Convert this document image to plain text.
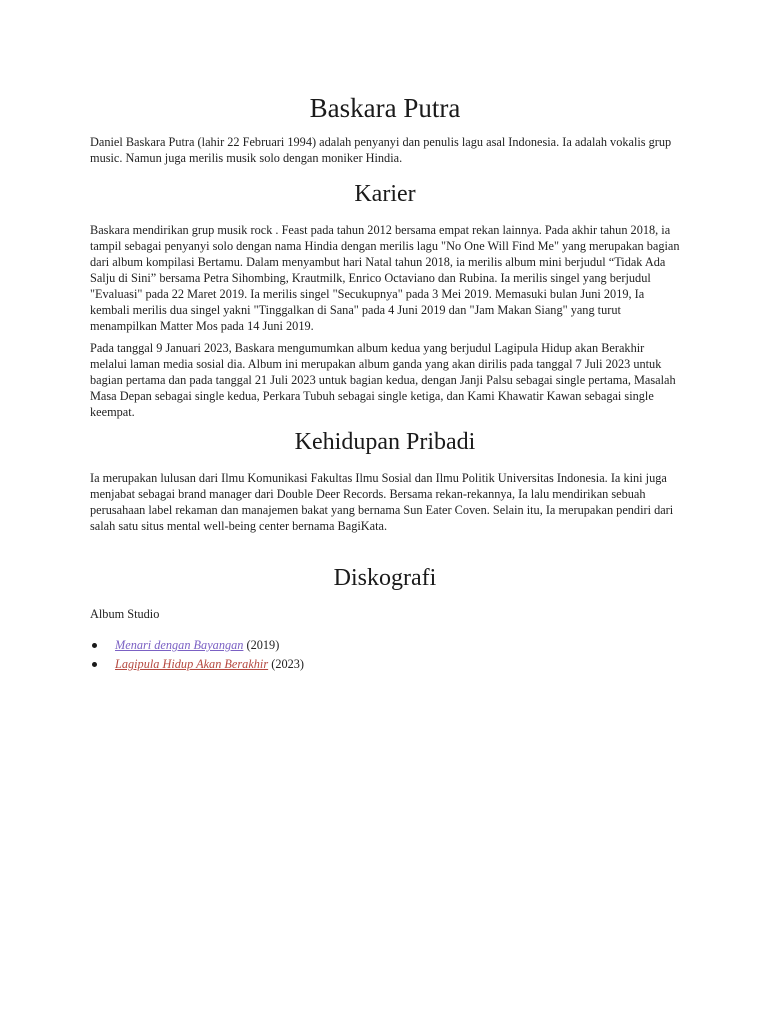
Baskara Putra

Daniel Baskara Putra (lahir 22 Februari 1994) adalah penyanyi dan penulis lagu asal Indonesia. Ia adalah vokalis grup music. Namun juga merilis musik solo dengan moniker Hindia.

Karier

Baskara mendirikan grup musik rock . Feast pada tahun 2012 bersama empat rekan lainnya. Pada akhir tahun 2018, ia tampil sebagai penyanyi solo dengan nama Hindia dengan merilis lagu "No One Will Find Me" yang merupakan bagian dari album kompilasi Bertamu. Dalam menyambut hari Natal tahun 2018, ia merilis album mini berjudul “Tidak Ada Salju di Sini” bersama Petra Sihombing, Krautmilk, Enrico Octaviano dan Rubina. Ia merilis singel yang berjudul "Evaluasi" pada 22 Maret 2019. Ia merilis singel "Secukupnya" pada 3 Mei 2019. Memasuki bulan Juni 2019, Ia kembali merilis dua singel yakni "Tinggalkan di Sana" pada 4 Juni 2019 dan "Jam Makan Siang" yang turut menampilkan Matter Mos pada 14 Juni 2019.

Pada tanggal 9 Januari 2023, Baskara mengumumkan album kedua yang berjudul Lagipula Hidup akan Berakhir melalui laman media sosial dia. Album ini merupakan album ganda yang akan dirilis pada tanggal 7 Juli 2023 untuk bagian pertama dan pada tanggal 21 Juli 2023 untuk bagian kedua, dengan Janji Palsu sebagai single pertama, Masalah Masa Depan sebagai single kedua, Perkara Tubuh sebagai single ketiga, dan Kami Khawatir Kawan sebagai single keempat.

Kehidupan Pribadi

Ia merupakan lulusan dari Ilmu Komunikasi Fakultas Ilmu Sosial dan Ilmu Politik Universitas Indonesia. Ia kini juga menjabat sebagai brand manager dari Double Deer Records. Bersama rekan-rekannya, Ia lalu mendirikan sebuah perusahaan label rekaman dan manajemen bakat yang bernama Sun Eater Coven. Selain itu, Ia merupakan pendiri dari salah satu situs mental well-being center bernama BagiKata.

Diskografi
Album Studio
Menari dengan Bayangan (2019)
Lagipula Hidup Akan Berakhir (2023)
